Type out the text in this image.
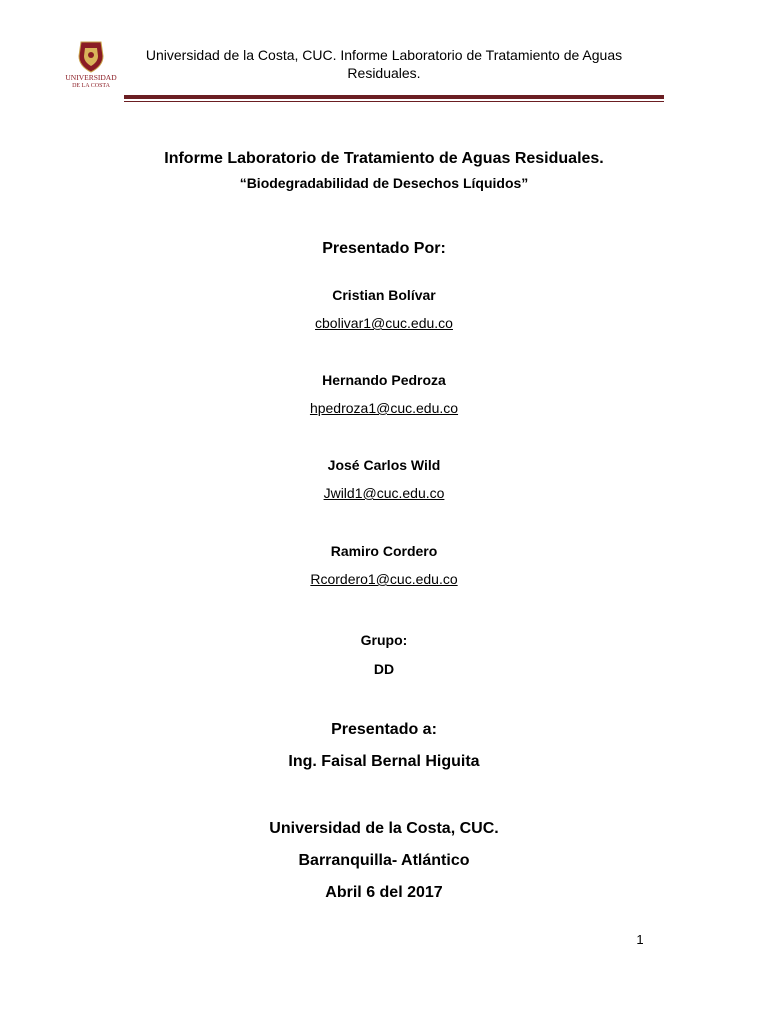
UNIVERSIDAD
DE LA COSTA
Universidad de la Costa, CUC. Informe Laboratorio de Tratamiento de Aguas Residuales.
Informe Laboratorio de Tratamiento de Aguas Residuales.
“Biodegradabilidad de Desechos Líquidos”
Presentado Por:
Cristian Bolívar
cbolivar1@cuc.edu.co
Hernando Pedroza
hpedroza1@cuc.edu.co
José Carlos Wild
Jwild1@cuc.edu.co
Ramiro Cordero
Rcordero1@cuc.edu.co
Grupo:
DD
Presentado a:
Ing. Faisal Bernal Higuita
Universidad de la Costa, CUC.
Barranquilla- Atlántico
Abril 6 del 2017
1
